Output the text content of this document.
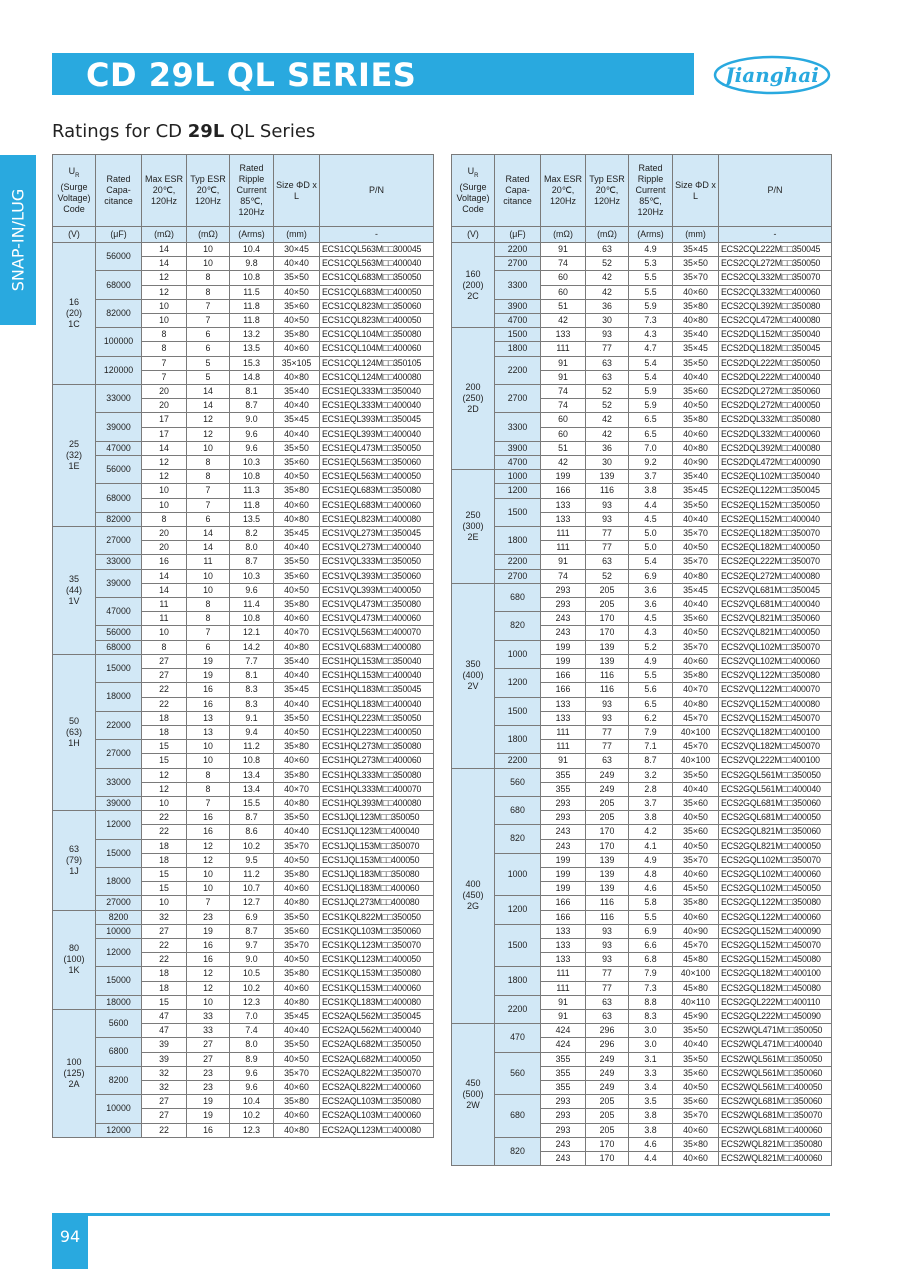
CD 29L QL SERIES	Jianghai
SNAP-IN/LUG
Ratings for CD 29L QL Series
$U_R$
(Surge Voltage) Code	Rated Capa- citance	Max ESR 20℃, 120Hz	Typ ESR 20℃, 120Hz	Rated Ripple Current 85℃, 120Hz	Size ΦD x L	P/N
(V)	(μF)	(mΩ)	(mΩ)	(Arms)	(mm)	-
16
(20)
1C	56000	14	10	10.4	30×45	ECS1CQL563M□□300045
		14	10	9.8	40×40	ECS1CQL563M□□400040
	68000	12	8	10.8	35×50	ECS1CQL683M□□350050
		12	8	11.5	40×50	ECS1CQL683M□□400050
	82000	10	7	11.8	35×60	ECS1CQL823M□□350060
		10	7	11.8	40×50	ECS1CQL823M□□400050
	100000	8	6	13.2	35×80	ECS1CQL104M□□350080
		8	6	13.5	40×60	ECS1CQL104M□□400060
	120000	7	5	15.3	35×105	ECS1CQL124M□□350105
		7	5	14.8	40×80	ECS1CQL124M□□400080
25
(32)
1E	33000	20	14	8.1	35×40	ECS1EQL333M□□350040
		20	14	8.7	40×40	ECS1EQL333M□□400040
	39000	17	12	9.0	35×45	ECS1EQL393M□□350045
		17	12	9.6	40×40	ECS1EQL393M□□400040
	47000	14	10	9.6	35×50	ECS1EQL473M□□350050
	56000	12	8	10.3	35×60	ECS1EQL563M□□350060
		12	8	10.8	40×50	ECS1EQL563M□□400050
	68000	10	7	11.3	35×80	ECS1EQL683M□□350080
		10	7	11.8	40×60	ECS1EQL683M□□400060
	82000	8	6	13.5	40×80	ECS1EQL823M□□400080
35
(44)
1V	27000	20	14	8.2	35×45	ECS1VQL273M□□350045
		20	14	8.0	40×40	ECS1VQL273M□□400040
	33000	16	11	8.7	35×50	ECS1VQL333M□□350050
	39000	14	10	10.3	35×60	ECS1VQL393M□□350060
		14	10	9.6	40×50	ECS1VQL393M□□400050
	47000	11	8	11.4	35×80	ECS1VQL473M□□350080
		11	8	10.8	40×60	ECS1VQL473M□□400060
	56000	10	7	12.1	40×70	ECS1VQL563M□□400070
	68000	8	6	14.2	40×80	ECS1VQL683M□□400080
50
(63)
1H	15000	27	19	7.7	35×40	ECS1HQL153M□□350040
		27	19	8.1	40×40	ECS1HQL153M□□400040
	18000	22	16	8.3	35×45	ECS1HQL183M□□350045
		22	16	8.3	40×40	ECS1HQL183M□□400040
	22000	18	13	9.1	35×50	ECS1HQL223M□□350050
		18	13	9.4	40×50	ECS1HQL223M□□400050
	27000	15	10	11.2	35×80	ECS1HQL273M□□350080
		15	10	10.8	40×60	ECS1HQL273M□□400060
	33000	12	8	13.4	35×80	ECS1HQL333M□□350080
		12	8	13.4	40×70	ECS1HQL333M□□400070
	39000	10	7	15.5	40×80	ECS1HQL393M□□400080
63
(79)
1J	12000	22	16	8.7	35×50	ECS1JQL123M□□350050
		22	16	8.6	40×40	ECS1JQL123M□□400040
	15000	18	12	10.2	35×70	ECS1JQL153M□□350070
		18	12	9.5	40×50	ECS1JQL153M□□400050
	18000	15	10	11.2	35×80	ECS1JQL183M□□350080
		15	10	10.7	40×60	ECS1JQL183M□□400060
	27000	10	7	12.7	40×80	ECS1JQL273M□□400080
80
(100)
1K	8200	32	23	6.9	35×50	ECS1KQL822M□□350050
	10000	27	19	8.7	35×60	ECS1KQL103M□□350060
	12000	22	16	9.7	35×70	ECS1KQL123M□□350070
		22	16	9.0	40×50	ECS1KQL123M□□400050
	15000	18	12	10.5	35×80	ECS1KQL153M□□350080
		18	12	10.2	40×60	ECS1KQL153M□□400060
	18000	15	10	12.3	40×80	ECS1KQL183M□□400080
100
(125)
2A	5600	47	33	7.0	35×45	ECS2AQL562M□□350045
		47	33	7.4	40×40	ECS2AQL562M□□400040
	6800	39	27	8.0	35×50	ECS2AQL682M□□350050
		39	27	8.9	40×50	ECS2AQL682M□□400050
	8200	32	23	9.6	35×70	ECS2AQL822M□□350070
		32	23	9.6	40×60	ECS2AQL822M□□400060
	10000	27	19	10.4	35×80	ECS2AQL103M□□350080
		27	19	10.2	40×60	ECS2AQL103M□□400060
	12000	22	16	12.3	40×80	ECS2AQL123M□□400080
$U_R$
(Surge Voltage) Code	Rated Capa- citance	Max ESR 20℃, 120Hz	Typ ESR 20℃, 120Hz	Rated Ripple Current 85℃, 120Hz	Size ΦD x L	P/N
(V)	(μF)	(mΩ)	(mΩ)	(Arms)	(mm)	-
160
(200)
2C	2200	91	63	4.9	35×45	ECS2CQL222M□□350045
	2700	74	52	5.3	35×50	ECS2CQL272M□□350050
	3300	60	42	5.5	35×70	ECS2CQL332M□□350070
		60	42	5.5	40×60	ECS2CQL332M□□400060
	3900	51	36	5.9	35×80	ECS2CQL392M□□350080
	4700	42	30	7.3	40×80	ECS2CQL472M□□400080
200
(250)
2D	1500	133	93	4.3	35×40	ECS2DQL152M□□350040
	1800	111	77	4.7	35×45	ECS2DQL182M□□350045
	2200	91	63	5.4	35×50	ECS2DQL222M□□350050
		91	63	5.4	40×40	ECS2DQL222M□□400040
	2700	74	52	5.9	35×60	ECS2DQL272M□□350060
		74	52	5.9	40×50	ECS2DQL272M□□400050
	3300	60	42	6.5	35×80	ECS2DQL332M□□350080
		60	42	6.5	40×60	ECS2DQL332M□□400060
	3900	51	36	7.0	40×80	ECS2DQL392M□□400080
	4700	42	30	9.2	40×90	ECS2DQL472M□□400090
250
(300)
2E	1000	199	139	3.7	35×40	ECS2EQL102M□□350040
	1200	166	116	3.8	35×45	ECS2EQL122M□□350045
	1500	133	93	4.4	35×50	ECS2EQL152M□□350050
		133	93	4.5	40×40	ECS2EQL152M□□400040
	1800	111	77	5.0	35×70	ECS2EQL182M□□350070
		111	77	5.0	40×50	ECS2EQL182M□□400050
	2200	91	63	5.4	35×70	ECS2EQL222M□□350070
	2700	74	52	6.9	40×80	ECS2EQL272M□□400080
350
(400)
2V	680	293	205	3.6	35×45	ECS2VQL681M□□350045
		293	205	3.6	40×40	ECS2VQL681M□□400040
	820	243	170	4.5	35×60	ECS2VQL821M□□350060
		243	170	4.3	40×50	ECS2VQL821M□□400050
	1000	199	139	5.2	35×70	ECS2VQL102M□□350070
		199	139	4.9	40×60	ECS2VQL102M□□400060
	1200	166	116	5.5	35×80	ECS2VQL122M□□350080
		166	116	5.6	40×70	ECS2VQL122M□□400070
	1500	133	93	6.5	40×80	ECS2VQL152M□□400080
		133	93	6.2	45×70	ECS2VQL152M□□450070
	1800	111	77	7.9	40×100	ECS2VQL182M□□400100
		111	77	7.1	45×70	ECS2VQL182M□□450070
	2200	91	63	8.7	40×100	ECS2VQL222M□□400100
400
(450)
2G	560	355	249	3.2	35×50	ECS2GQL561M□□350050
		355	249	2.8	40×40	ECS2GQL561M□□400040
	680	293	205	3.7	35×60	ECS2GQL681M□□350060
		293	205	3.8	40×50	ECS2GQL681M□□400050
	820	243	170	4.2	35×60	ECS2GQL821M□□350060
		243	170	4.1	40×50	ECS2GQL821M□□400050
	1000	199	139	4.9	35×70	ECS2GQL102M□□350070
		199	139	4.8	40×60	ECS2GQL102M□□400060
		199	139	4.6	45×50	ECS2GQL102M□□450050
	1200	166	116	5.8	35×80	ECS2GQL122M□□350080
		166	116	5.5	40×60	ECS2GQL122M□□400060
	1500	133	93	6.9	40×90	ECS2GQL152M□□400090
		133	93	6.6	45×70	ECS2GQL152M□□450070
		133	93	6.8	45×80	ECS2GQL152M□□450080
	1800	111	77	7.9	40×100	ECS2GQL182M□□400100
		111	77	7.3	45×80	ECS2GQL182M□□450080
	2200	91	63	8.8	40×110	ECS2GQL222M□□400110
		91	63	8.3	45×90	ECS2GQL222M□□450090
450
(500)
2W	470	424	296	3.0	35×50	ECS2WQL471M□□350050
		424	296	3.0	40×40	ECS2WQL471M□□400040
	560	355	249	3.1	35×50	ECS2WQL561M□□350050
		355	249	3.3	35×60	ECS2WQL561M□□350060
		355	249	3.4	40×50	ECS2WQL561M□□400050
	680	293	205	3.5	35×60	ECS2WQL681M□□350060
		293	205	3.8	35×70	ECS2WQL681M□□350070
		293	205	3.8	40×60	ECS2WQL681M□□400060
	820	243	170	4.6	35×80	ECS2WQL821M□□350080
		243	170	4.4	40×60	ECS2WQL821M□□400060
94
